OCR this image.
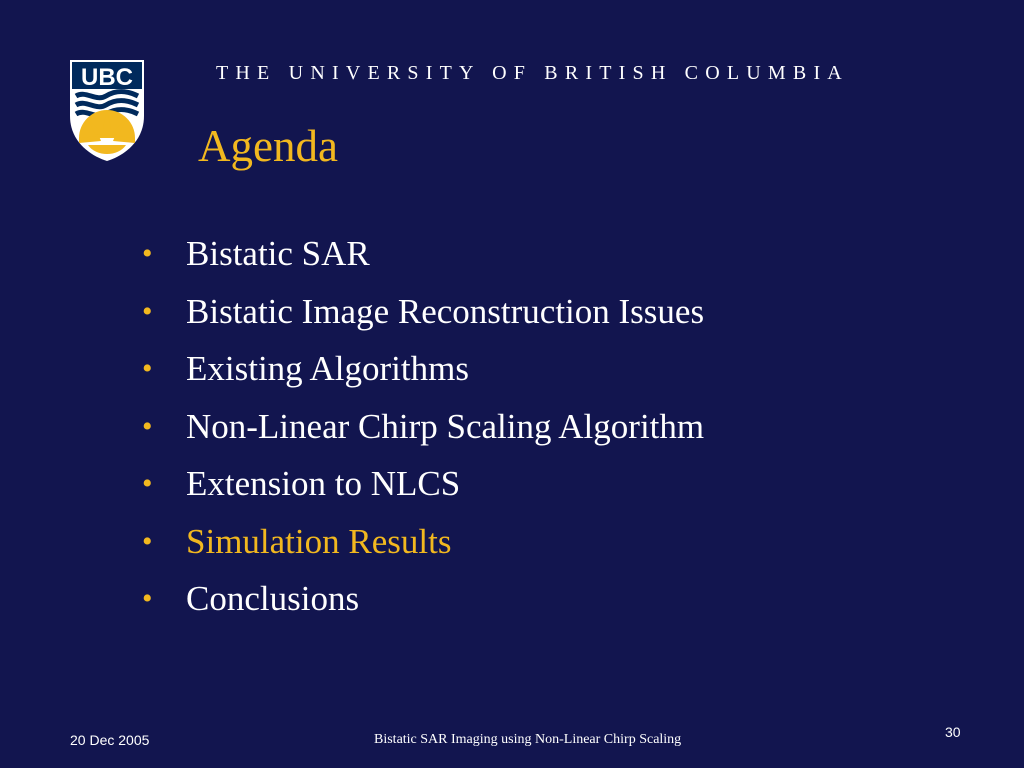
UBC	THE UNIVERSITY OF BRITISH COLUMBIA
Agenda
• Bistatic SAR
• Bistatic Image Reconstruction Issues
• Existing Algorithms
• Non-Linear Chirp Scaling Algorithm
• Extension to NLCS
• Simulation Results
• Conclusions
20 Dec 2005	Bistatic SAR Imaging using Non-Linear Chirp Scaling	30
